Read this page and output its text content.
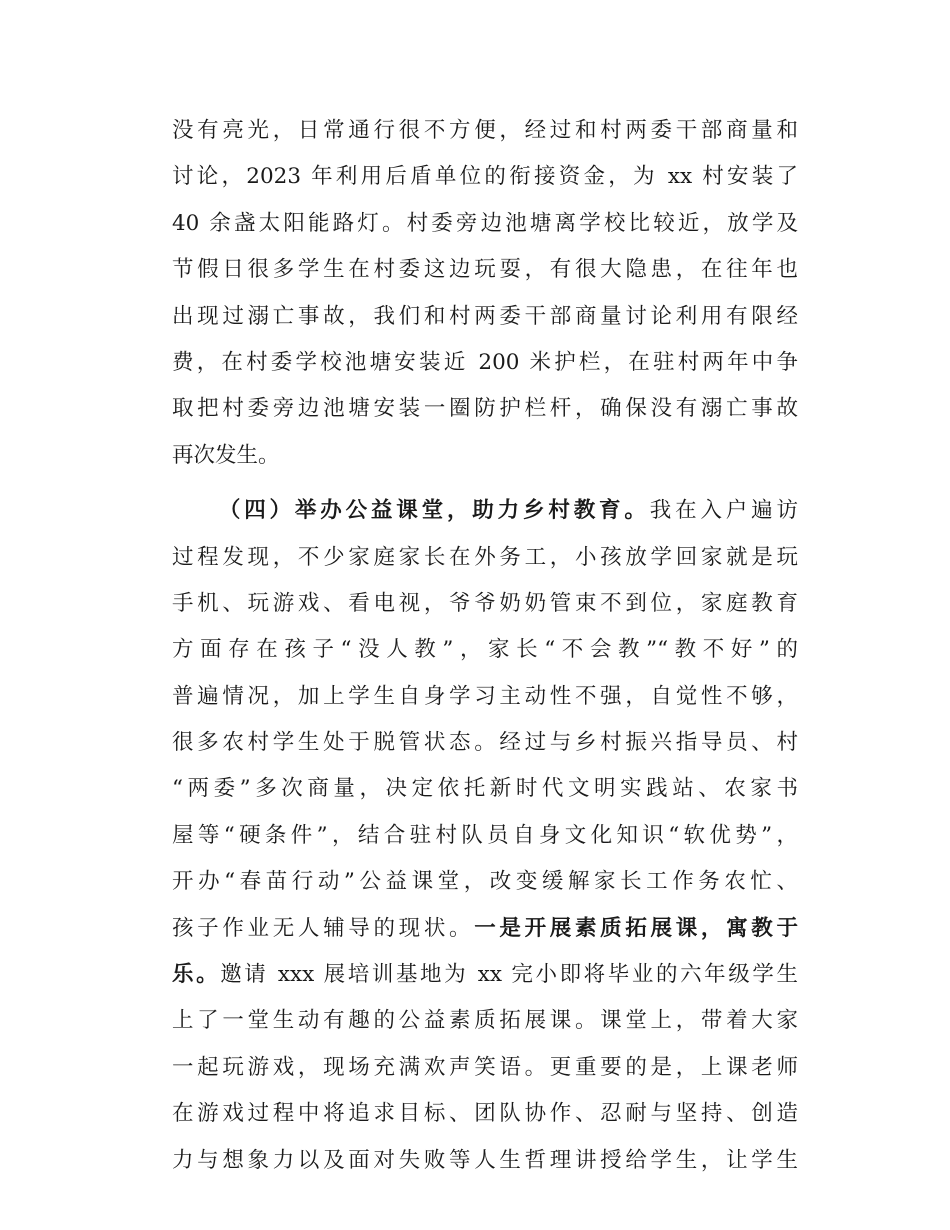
没有亮光，日常通行很不方便，经过和村两委干部商量和
讨论，2023 年利用后盾单位的衔接资金，为 xx 村安装了
40 余盏太阳能路灯。村委旁边池塘离学校比较近，放学及
节假日很多学生在村委这边玩耍，有很大隐患，在往年也
出现过溺亡事故，我们和村两委干部商量讨论利用有限经
费，在村委学校池塘安装近 200 米护栏，在驻村两年中争
取把村委旁边池塘安装一圈防护栏杆，确保没有溺亡事故
再次发生。
（四）举办公益课堂，助力乡村教育。我在入户遍访
过程发现，不少家庭家长在外务工，小孩放学回家就是玩
手机、玩游戏、看电视，爷爷奶奶管束不到位，家庭教育
方面存在孩子“没人教”，家长“不会教”“教不好”的
普遍情况，加上学生自身学习主动性不强，自觉性不够，
很多农村学生处于脱管状态。经过与乡村振兴指导员、村
“两委”多次商量，决定依托新时代文明实践站、农家书
屋等“硬条件”，结合驻村队员自身文化知识“软优势”，
开办“春苗行动”公益课堂，改变缓解家长工作务农忙、
孩子作业无人辅导的现状。一是开展素质拓展课，寓教于
乐。邀请 xxx 展培训基地为 xx 完小即将毕业的六年级学生
上了一堂生动有趣的公益素质拓展课。课堂上，带着大家
一起玩游戏，现场充满欢声笑语。更重要的是，上课老师
在游戏过程中将追求目标、团队协作、忍耐与坚持、创造
力与想象力以及面对失败等人生哲理讲授给学生，让学生
